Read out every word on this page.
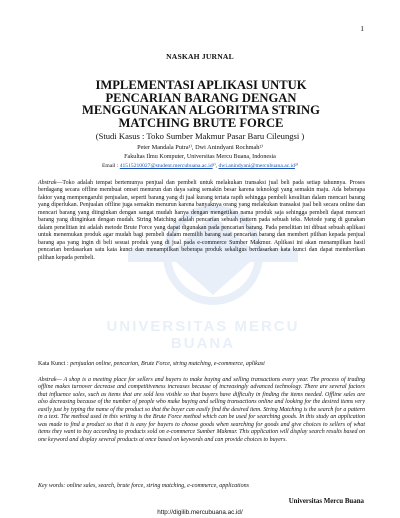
UNIVERSITAS MERCU BUANA
1
NASKAH JURNAL
IMPLEMENTASI APLIKASI UNTUK PENCARIAN BARANG DENGAN MENGGUNAKAN ALGORITMA STRING MATCHING BRUTE FORCE
(Studi Kasus : Toko Sumber Makmur Pasar Baru Cileungsi )
Peter Mandala Putra¹⁾, Dwi Anindyani Rochmah²⁾
Fakultas Ilmu Komputer, Universitas Mercu Buana, Indonesia
Email : 41515210027@student.mercubuana.ac.id¹⁾, dwi.anindyani@mercubuana.ac.id²⁾

Abstrak—Toko adalah tempat bertemunya penjual dan pembeli untuk melakukan transaksi jual beli pada setiap tahunnya. Proses berdagang secara offline membuat omset menurun dan daya saing semakin besar karena teknologi yang semakin maju. Ada beberapa faktor yang mempengaruhi penjualan, seperti barang yang di jual kurang tertata rapih sehingga pembeli kesulitan dalam mencari barang yang diperlukan. Penjualan offline juga semakin menurun karena banyaknya orang yang melakukan transaksi jual beli secara online dan mencari barang yang diinginkan dengan sangat mudah hanya dengan mengetikan nama produk saja sehingga pembeli dapat mencari barang yang diinginkan dengan mudah. String Matching adalah pencarian sebuah pattern pada sebuah teks. Metode yang di gunakan dalam penelitian ini adalah metode Brute Force yang dapat digunakan pada pencarian barang. Pada penelitian ini dibuat sebuah aplikasi untuk menemukan produk agar mudah bagi pembeli dalam memilih barang saat pencarian barang dan memberi pilihan kepada penjual barang apa yang ingin di beli sesuai produk yang di jual pada e-commerce Sumber Makmur. Aplikasi ini akan menampilkan hasil pencarian berdasarkan satu kata kunci dan menampilkan beberapa produk sekaligus berdasarkan kata kunci dan dapat memberikan pilihan kepada pembeli.

Kata Kunci : penjualan online, pencarian, Brute Force, string matching, e-commerce, aplikasi

Abstrak— A shop is a meeting place for sellers and buyers to make buying and selling transactions every year. The process of trading offline makes turnover decrease and competitiveness increases because of increasingly advanced technology. There are several factors that influence sales, such as items that are sold less visible so that buyers have difficulty in finding the items needed. Offline sales are also decreasing because of the number of people who make buying and selling transactions online and looking for the desired items very easily just by typing the name of the product so that the buyer can easily find the desired item. String Matching is the search for a pattern in a text. The method used in this writing is the Brute Force method which can be used for searching goods. In this study an application was made to find a product so that it is easy for buyers to choose goods when searching for goods and give choices to sellers of what items they want to buy according to products sold on e-commerce Sumber Makmur. This application will display search results based on one keyword and display several products at once based on keywords and can provide choices to buyers.

Key words: online sales, search, brute force, string matching, e-commerce, applications

Universitas Mercu Buana
http://digilib.mercubuana.ac.id/
